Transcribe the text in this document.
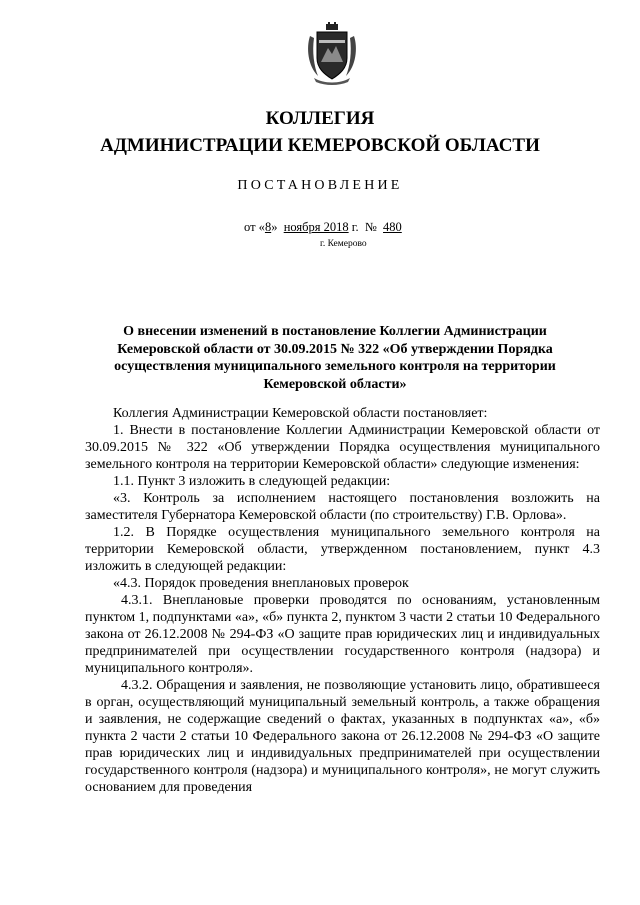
КОЛЛЕГИЯ
АДМИНИСТРАЦИИ КЕМЕРОВСКОЙ ОБЛАСТИ
ПОСТАНОВЛЕНИЕ
от «8» ноября 2018 г. № 480
г. Кемерово
О внесении изменений в постановление Коллегии Администрации Кемеровской области от 30.09.2015 № 322 «Об утверждении Порядка осуществления муниципального земельного контроля на территории Кемеровской области»

Коллегия Администрации Кемеровской области постановляет:

1. Внести в постановление Коллегии Администрации Кемеровской области от 30.09.2015 № 322 «Об утверждении Порядка осуществления муниципального земельного контроля на территории Кемеровской области» следующие изменения:

1.1. Пункт 3 изложить в следующей редакции:

«3. Контроль за исполнением настоящего постановления возложить на заместителя Губернатора Кемеровской области (по строительству) Г.В. Орлова».

1.2. В Порядке осуществления муниципального земельного контроля на территории Кемеровской области, утвержденном постановлением, пункт 4.3 изложить в следующей редакции:

«4.3. Порядок проведения внеплановых проверок

4.3.1. Внеплановые проверки проводятся по основаниям, установленным пунктом 1, подпунктами «а», «б» пункта 2, пунктом 3 части 2 статьи 10 Федерального закона от 26.12.2008 № 294-ФЗ «О защите прав юридических лиц и индивидуальных предпринимателей при осуществлении государственного контроля (надзора) и муниципального контроля».

4.3.2. Обращения и заявления, не позволяющие установить лицо, обратившееся в орган, осуществляющий муниципальный земельный контроль, а также обращения и заявления, не содержащие сведений о фактах, указанных в подпунктах «а», «б» пункта 2 части 2 статьи 10 Федерального закона от 26.12.2008 № 294-ФЗ «О защите прав юридических лиц и индивидуальных предпринимателей при осуществлении государственного контроля (надзора) и муниципального контроля», не могут служить основанием для проведения
